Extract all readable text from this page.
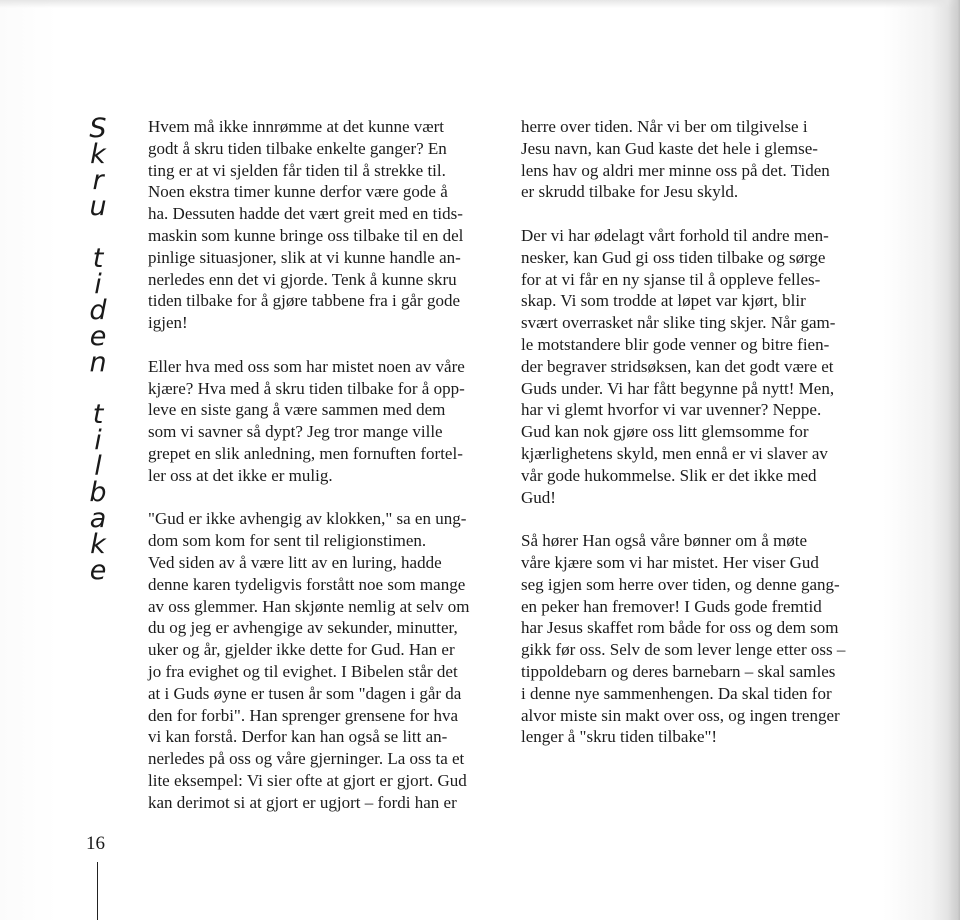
S
k
r
u
t
i
d
e
n
t
i
l
b
a
k
e

Hvem må ikke innrømme at det kunne vært
godt å skru tiden tilbake enkelte ganger? En
ting er at vi sjelden får tiden til å strekke til.
Noen ekstra timer kunne derfor være gode å
ha. Dessuten hadde det vært greit med en tids-
maskin som kunne bringe oss tilbake til en del
pinlige situasjoner, slik at vi kunne handle an-
nerledes enn det vi gjorde. Tenk å kunne skru
tiden tilbake for å gjøre tabbene fra i går gode
igjen!

Eller hva med oss som har mistet noen av våre
kjære? Hva med å skru tiden tilbake for å opp-
leve en siste gang å være sammen med dem
som vi savner så dypt? Jeg tror mange ville
grepet en slik anledning, men fornuften fortel-
ler oss at det ikke er mulig.

"Gud er ikke avhengig av klokken," sa en ung-
dom som kom for sent til religionstimen.
Ved siden av å være litt av en luring, hadde
denne karen tydeligvis forstått noe som mange
av oss glemmer. Han skjønte nemlig at selv om
du og jeg er avhengige av sekunder, minutter,
uker og år, gjelder ikke dette for Gud. Han er
jo fra evighet og til evighet. I Bibelen står det
at i Guds øyne er tusen år som "dagen i går da
den for forbi". Han sprenger grensene for hva
vi kan forstå. Derfor kan han også se litt an-
nerledes på oss og våre gjerninger. La oss ta et
lite eksempel: Vi sier ofte at gjort er gjort. Gud
kan derimot si at gjort er ugjort – fordi han er

herre over tiden. Når vi ber om tilgivelse i
Jesu navn, kan Gud kaste det hele i glemse-
lens hav og aldri mer minne oss på det. Tiden
er skrudd tilbake for Jesu skyld.

Der vi har ødelagt vårt forhold til andre men-
nesker, kan Gud gi oss tiden tilbake og sørge
for at vi får en ny sjanse til å oppleve felles-
skap. Vi som trodde at løpet var kjørt, blir
svært overrasket når slike ting skjer. Når gam-
le motstandere blir gode venner og bitre fien-
der begraver stridsøksen, kan det godt være et
Guds under. Vi har fått begynne på nytt! Men,
har vi glemt hvorfor vi var uvenner? Neppe.
Gud kan nok gjøre oss litt glemsomme for
kjærlighetens skyld, men ennå er vi slaver av
vår gode hukommelse. Slik er det ikke med
Gud!

Så hører Han også våre bønner om å møte
våre kjære som vi har mistet. Her viser Gud
seg igjen som herre over tiden, og denne gang-
en peker han fremover! I Guds gode fremtid
har Jesus skaffet rom både for oss og dem som
gikk før oss. Selv de som lever lenge etter oss –
tippoldebarn og deres barnebarn – skal samles
i denne nye sammenhengen. Da skal tiden for
alvor miste sin makt over oss, og ingen trenger
lenger å "skru tiden tilbake"!

16
